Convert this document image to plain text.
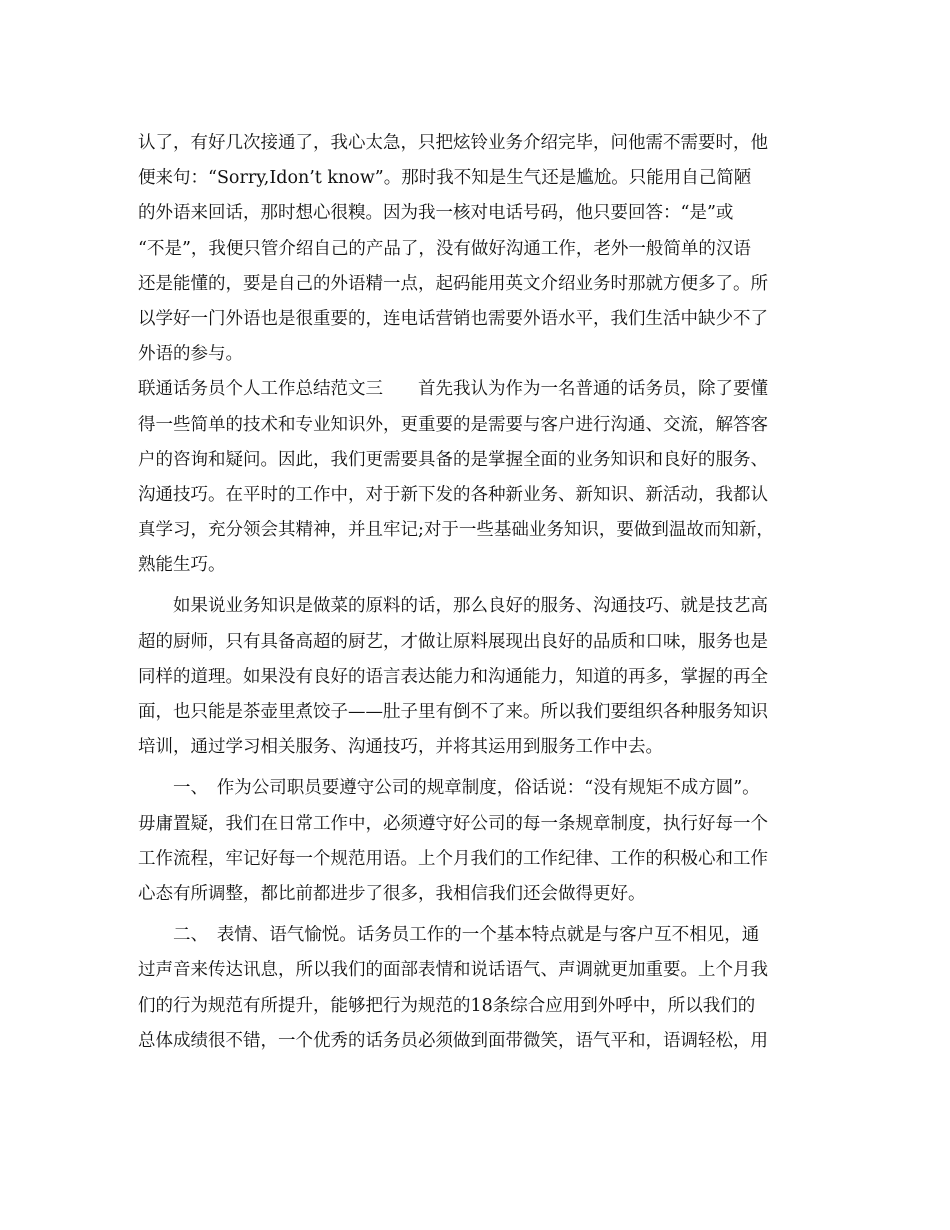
认了，有好几次接通了，我心太急，只把炫铃业务介绍完毕，问他需不需要时，他
便来句：“Sorry,Idon’t know”。那时我不知是生气还是尴尬。只能用自己简陋
的外语来回话，那时想心很糗。因为我一核对电话号码，他只要回答：“是”或
“不是”，我便只管介绍自己的产品了，没有做好沟通工作，老外一般简单的汉语
还是能懂的，要是自己的外语精一点，起码能用英文介绍业务时那就方便多了。所
以学好一门外语也是很重要的，连电话营销也需要外语水平，我们生活中缺少不了
外语的参与。
联通话务员个人工作总结范文三　　首先我认为作为一名普通的话务员，除了要懂
得一些简单的技术和专业知识外，更重要的是需要与客户进行沟通、交流，解答客
户的咨询和疑问。因此，我们更需要具备的是掌握全面的业务知识和良好的服务、
沟通技巧。在平时的工作中，对于新下发的各种新业务、新知识、新活动，我都认
真学习，充分领会其精神，并且牢记;对于一些基础业务知识，要做到温故而知新，
熟能生巧。
如果说业务知识是做菜的原料的话，那么良好的服务、沟通技巧、就是技艺高
超的厨师，只有具备高超的厨艺，才做让原料展现出良好的品质和口味，服务也是
同样的道理。如果没有良好的语言表达能力和沟通能力，知道的再多，掌握的再全
面，也只能是茶壶里煮饺子——肚子里有倒不了来。所以我们要组织各种服务知识
培训，通过学习相关服务、沟通技巧，并将其运用到服务工作中去。
一、　作为公司职员要遵守公司的规章制度，俗话说：“没有规矩不成方圆”。
毋庸置疑，我们在日常工作中，必须遵守好公司的每一条规章制度，执行好每一个
工作流程，牢记好每一个规范用语。上个月我们的工作纪律、工作的积极心和工作
心态有所调整，都比前都进步了很多，我相信我们还会做得更好。
二、　表情、语气愉悦。话务员工作的一个基本特点就是与客户互不相见，通
过声音来传达讯息，所以我们的面部表情和说话语气、声调就更加重要。上个月我
们的行为规范有所提升，能够把行为规范的18条综合应用到外呼中，所以我们的
总体成绩很不错，一个优秀的话务员必须做到面带微笑，语气平和，语调轻松，用
